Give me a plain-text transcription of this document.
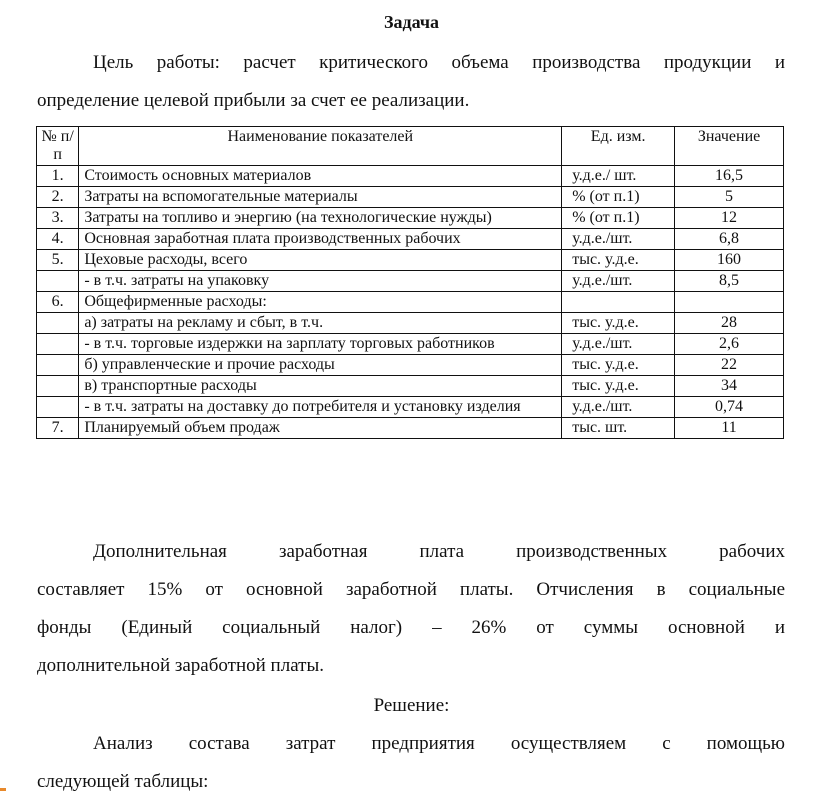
Задача
Цель работы: расчет критического объема производства продукции и
определение целевой прибыли за счет ее реализации.
№ п/п	Наименование показателей	Ед. изм.	Значение
1.	Стоимость основных материалов	у.д.е./ шт.	16,5
2.	Затраты на вспомогательные материалы	% (от п.1)	5
3.	Затраты на топливо и энергию (на технологические нужды)	% (от п.1)	12
4.	Основная заработная плата производственных рабочих	у.д.е./шт.	6,8
5.	Цеховые расходы, всего	тыс. у.д.е.	160
	- в т.ч. затраты на упаковку	у.д.е./шт.	8,5
6.	Общефирменные расходы:		
	а) затраты на рекламу и сбыт, в т.ч.	тыс. у.д.е.	28
	- в т.ч. торговые издержки на зарплату торговых работников	у.д.е./шт.	2,6
	б) управленческие и прочие расходы	тыс. у.д.е.	22
	в) транспортные расходы	тыс. у.д.е.	34
	- в т.ч. затраты на доставку до потребителя и установку изделия	у.д.е./шт.	0,74
7.	Планируемый объем продаж	тыс. шт.	11
Дополнительная заработная плата производственных рабочих
составляет 15% от основной заработной платы. Отчисления в социальные
фонды (Единый социальный налог) – 26% от суммы основной и
дополнительной заработной платы.
Решение:
Анализ состава затрат предприятия осуществляем с помощью
следующей таблицы:
